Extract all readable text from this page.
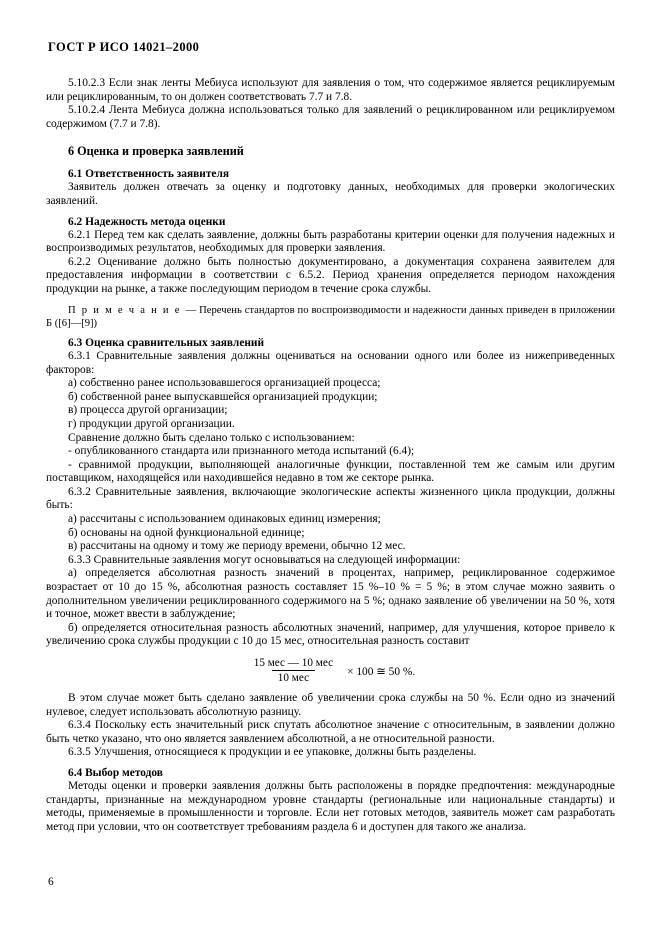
ГОСТ Р ИСО 14021–2000

5.10.2.3 Если знак ленты Мебиуса используют для заявления о том, что содержимое является рециклируемым или рециклированным, то он должен соответствовать 7.7 и 7.8.

5.10.2.4 Лента Мебиуса должна использоваться только для заявлений о рециклированном или рециклируемом содержимом (7.7 и 7.8).

6 Оценка и проверка заявлений
6.1 Ответственность заявителя

Заявитель должен отвечать за оценку и подготовку данных, необходимых для проверки экологических заявлений.

6.2 Надежность метода оценки

6.2.1 Перед тем как сделать заявление, должны быть разработаны критерии оценки для получения надежных и воспроизводимых результатов, необходимых для проверки заявления.

6.2.2 Оценивание должно быть полностью документировано, а документация сохранена заявителем для предоставления информации в соответствии с 6.5.2. Период хранения определяется периодом нахождения продукции на рынке, а также последующим периодом в течение срока службы.

П р и м е ч а н и е — Перечень стандартов по воспроизводимости и надежности данных приведен в приложении Б ([6]—[9])

6.3 Оценка сравнительных заявлений

6.3.1 Сравнительные заявления должны оцениваться на основании одного или более из нижеприведенных факторов:

а) собственно ранее использовавшегося организацией процесса;

б) собственной ранее выпускавшейся организацией продукции;

в) процесса другой организации;

г) продукции другой организации.

Сравнение должно быть сделано только с использованием:

- опубликованного стандарта или признанного метода испытаний (6.4);

- сравнимой продукции, выполняющей аналогичные функции, поставленной тем же самым или другим поставщиком, находящейся или находившейся недавно в том же секторе рынка.

6.3.2 Сравнительные заявления, включающие экологические аспекты жизненного цикла продукции, должны быть:

а) рассчитаны с использованием одинаковых единиц измерения;

б) основаны на одной функциональной единице;

в) рассчитаны на одному и тому же периоду времени, обычно 12 мес.

6.3.3 Сравнительные заявления могут основываться на следующей информации:

а) определяется абсолютная разность значений в процентах, например, рециклированное содержимое возрастает от 10 до 15 %, абсолютная разность составляет 15 %–10 % = 5 %; в этом случае можно заявить о дополнительном увеличении рециклированного содержимого на 5 %; однако заявление об увеличении на 50 %, хотя и точное, может ввести в заблуждение;

б) определяется относительная разность абсолютных значений, например, для улучшения, которое привело к увеличению срока службы продукции с 10 до 15 мес, относительная разность составит

$\frac{\text{15 мес — 10 мес}}{\text{10 мес}} \times 100$ ≅ 50 %.

В этом случае может быть сделано заявление об увеличении срока службы на 50 %. Если одно из значений нулевое, следует использовать абсолютную разницу.

6.3.4 Поскольку есть значительный риск спутать абсолютное значение с относительным, в заявлении должно быть четко указано, что оно является заявлением абсолютной, а не относительной разности.

6.3.5 Улучшения, относящиеся к продукции и ее упаковке, должны быть разделены.

6.4 Выбор методов

Методы оценки и проверки заявления должны быть расположены в порядке предпочтения: международные стандарты, признанные на международном уровне стандарты (региональные или национальные стандарты) и методы, применяемые в промышленности и торговле. Если нет готовых методов, заявитель может сам разработать метод при условии, что он соответствует требованиям раздела 6 и доступен для такого же анализа.

6
